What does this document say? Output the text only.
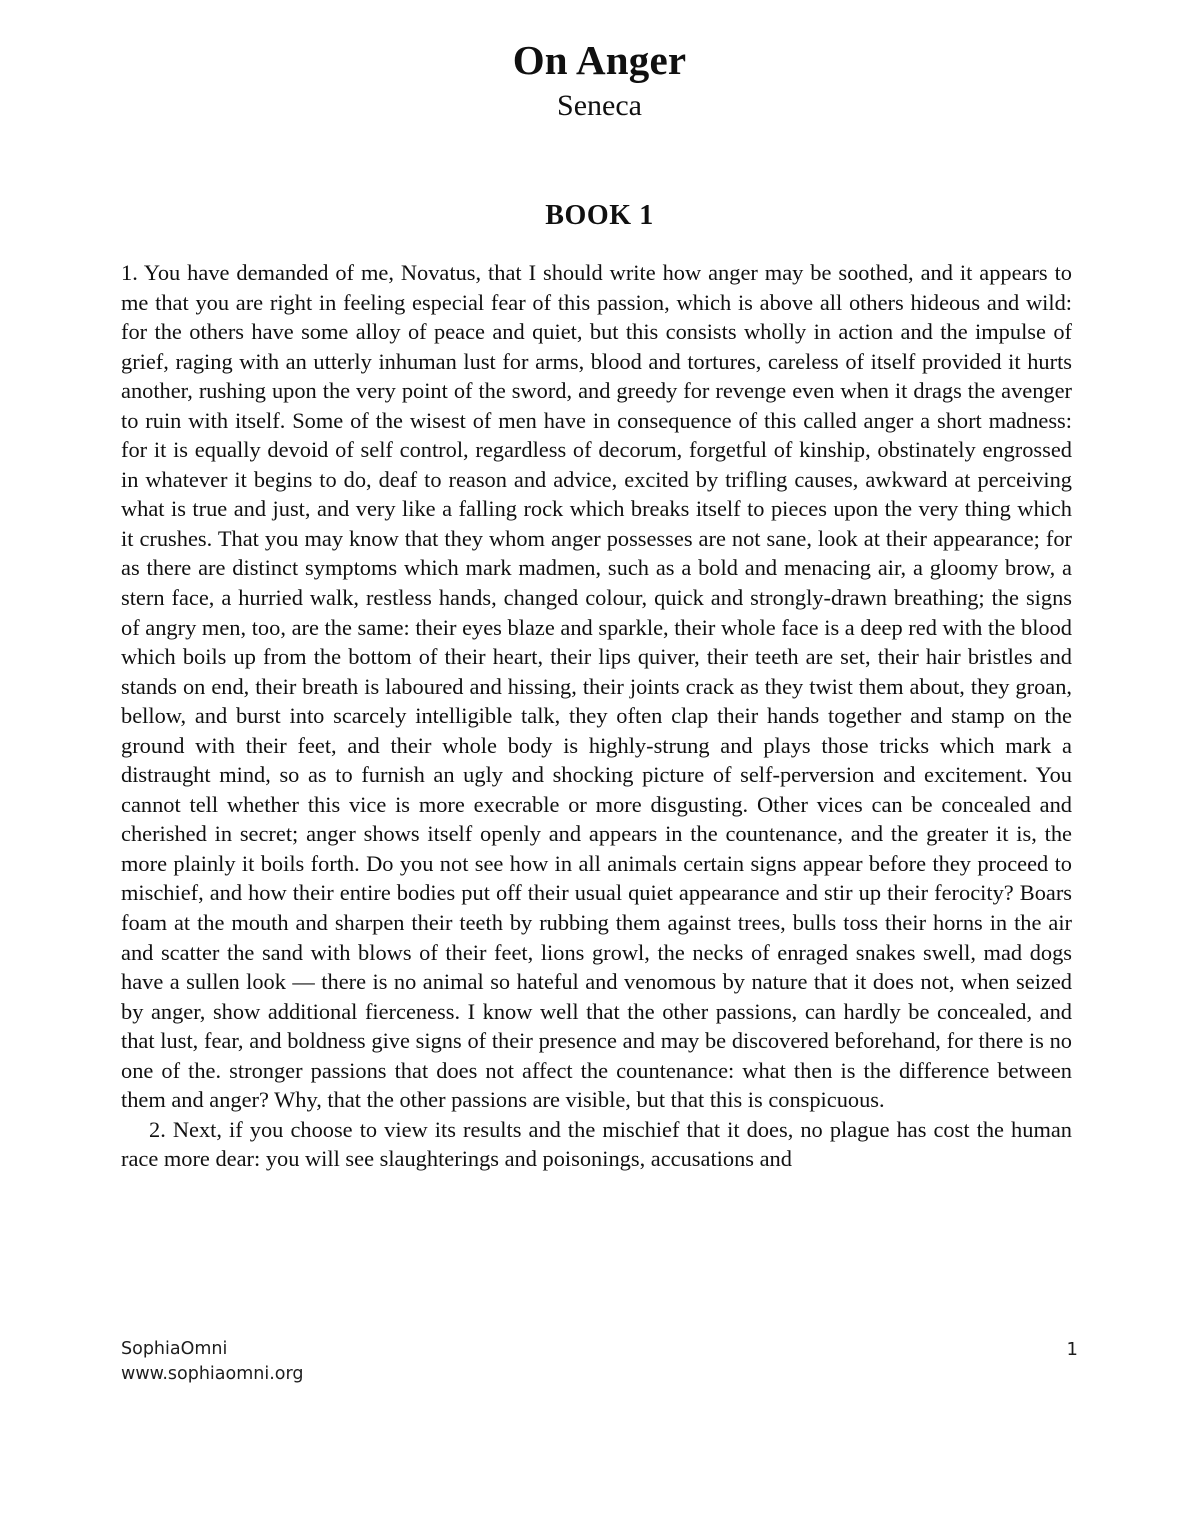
On Anger
Seneca
BOOK 1

1. You have demanded of me, Novatus, that I should write how anger may be soothed, and it appears to me that you are right in feeling especial fear of this passion, which is above all others hideous and wild: for the others have some alloy of peace and quiet, but this consists wholly in action and the impulse of grief, raging with an utterly inhuman lust for arms, blood and tortures, careless of itself provided it hurts another, rushing upon the very point of the sword, and greedy for revenge even when it drags the avenger to ruin with itself. Some of the wisest of men have in consequence of this called anger a short madness: for it is equally devoid of self control, regardless of decorum, forgetful of kinship, obstinately engrossed in whatever it begins to do, deaf to reason and advice, excited by trifling causes, awkward at perceiving what is true and just, and very like a falling rock which breaks itself to pieces upon the very thing which it crushes. That you may know that they whom anger possesses are not sane, look at their appearance; for as there are distinct symptoms which mark madmen, such as a bold and menacing air, a gloomy brow, a stern face, a hurried walk, restless hands, changed colour, quick and strongly-drawn breathing; the signs of angry men, too, are the same: their eyes blaze and sparkle, their whole face is a deep red with the blood which boils up from the bottom of their heart, their lips quiver, their teeth are set, their hair bristles and stands on end, their breath is laboured and hissing, their joints crack as they twist them about, they groan, bellow, and burst into scarcely intelligible talk, they often clap their hands together and stamp on the ground with their feet, and their whole body is highly-strung and plays those tricks which mark a distraught mind, so as to furnish an ugly and shocking picture of self-perversion and excitement. You cannot tell whether this vice is more execrable or more disgusting. Other vices can be concealed and cherished in secret; anger shows itself openly and appears in the countenance, and the greater it is, the more plainly it boils forth. Do you not see how in all animals certain signs appear before they proceed to mischief, and how their entire bodies put off their usual quiet appearance and stir up their ferocity? Boars foam at the mouth and sharpen their teeth by rubbing them against trees, bulls toss their horns in the air and scatter the sand with blows of their feet, lions growl, the necks of enraged snakes swell, mad dogs have a sullen look — there is no animal so hateful and venomous by nature that it does not, when seized by anger, show additional fierceness. I know well that the other passions, can hardly be concealed, and that lust, fear, and boldness give signs of their presence and may be discovered beforehand, for there is no one of the. stronger passions that does not affect the countenance: what then is the difference between them and anger? Why, that the other passions are visible, but that this is conspicuous.

2. Next, if you choose to view its results and the mischief that it does, no plague has cost the human race more dear: you will see slaughterings and poisonings, accusations and

SophiaOmni
www.sophiaomni.org
1
